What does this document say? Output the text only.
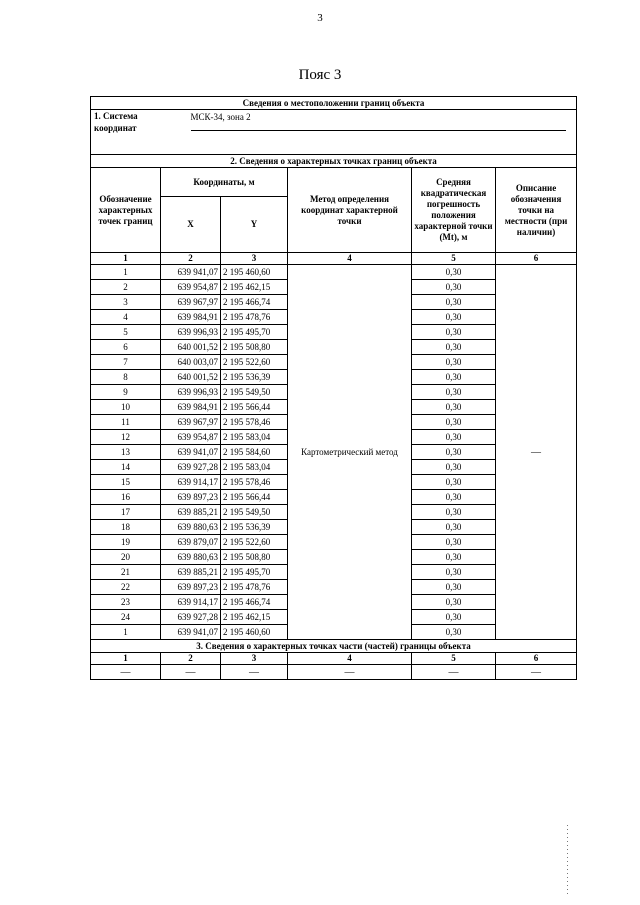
3
Пояс 3
Сведения о местоположении границ объекта					
1. Система координат	МСК-34, зона 2				

2. Сведения о характерных точках границ объекта					
Обозначение характерных точек границ	Координаты, м		Метод определения координат характерной точки	Средняя квадратическая погрешность положения характерной точки (Mt), м	Описание обозначения точки на местности (при наличии)
	X	Y			
1	2	3	4	5	6
1	639 941,07	2 195 460,60	Картометрический метод	0,30	—
2	639 954,87	2 195 462,15		0,30	
3	639 967,97	2 195 466,74		0,30	
4	639 984,91	2 195 478,76		0,30	
5	639 996,93	2 195 495,70		0,30	
6	640 001,52	2 195 508,80		0,30	
7	640 003,07	2 195 522,60		0,30	
8	640 001,52	2 195 536,39		0,30	
9	639 996,93	2 195 549,50		0,30	
10	639 984,91	2 195 566,44		0,30	
11	639 967,97	2 195 578,46		0,30	
12	639 954,87	2 195 583,04		0,30	
13	639 941,07	2 195 584,60		0,30	
14	639 927,28	2 195 583,04		0,30	
15	639 914,17	2 195 578,46		0,30	
16	639 897,23	2 195 566,44		0,30	
17	639 885,21	2 195 549,50		0,30	
18	639 880,63	2 195 536,39		0,30	
19	639 879,07	2 195 522,60		0,30	
20	639 880,63	2 195 508,80		0,30	
21	639 885,21	2 195 495,70		0,30	
22	639 897,23	2 195 478,76		0,30	
23	639 914,17	2 195 466,74		0,30	
24	639 927,28	2 195 462,15		0,30	
1	639 941,07	2 195 460,60		0,30	
3. Сведения о характерных точках части (частей) границы объекта					
1	2	3	4	5	6
—	—	—	—	—	—
